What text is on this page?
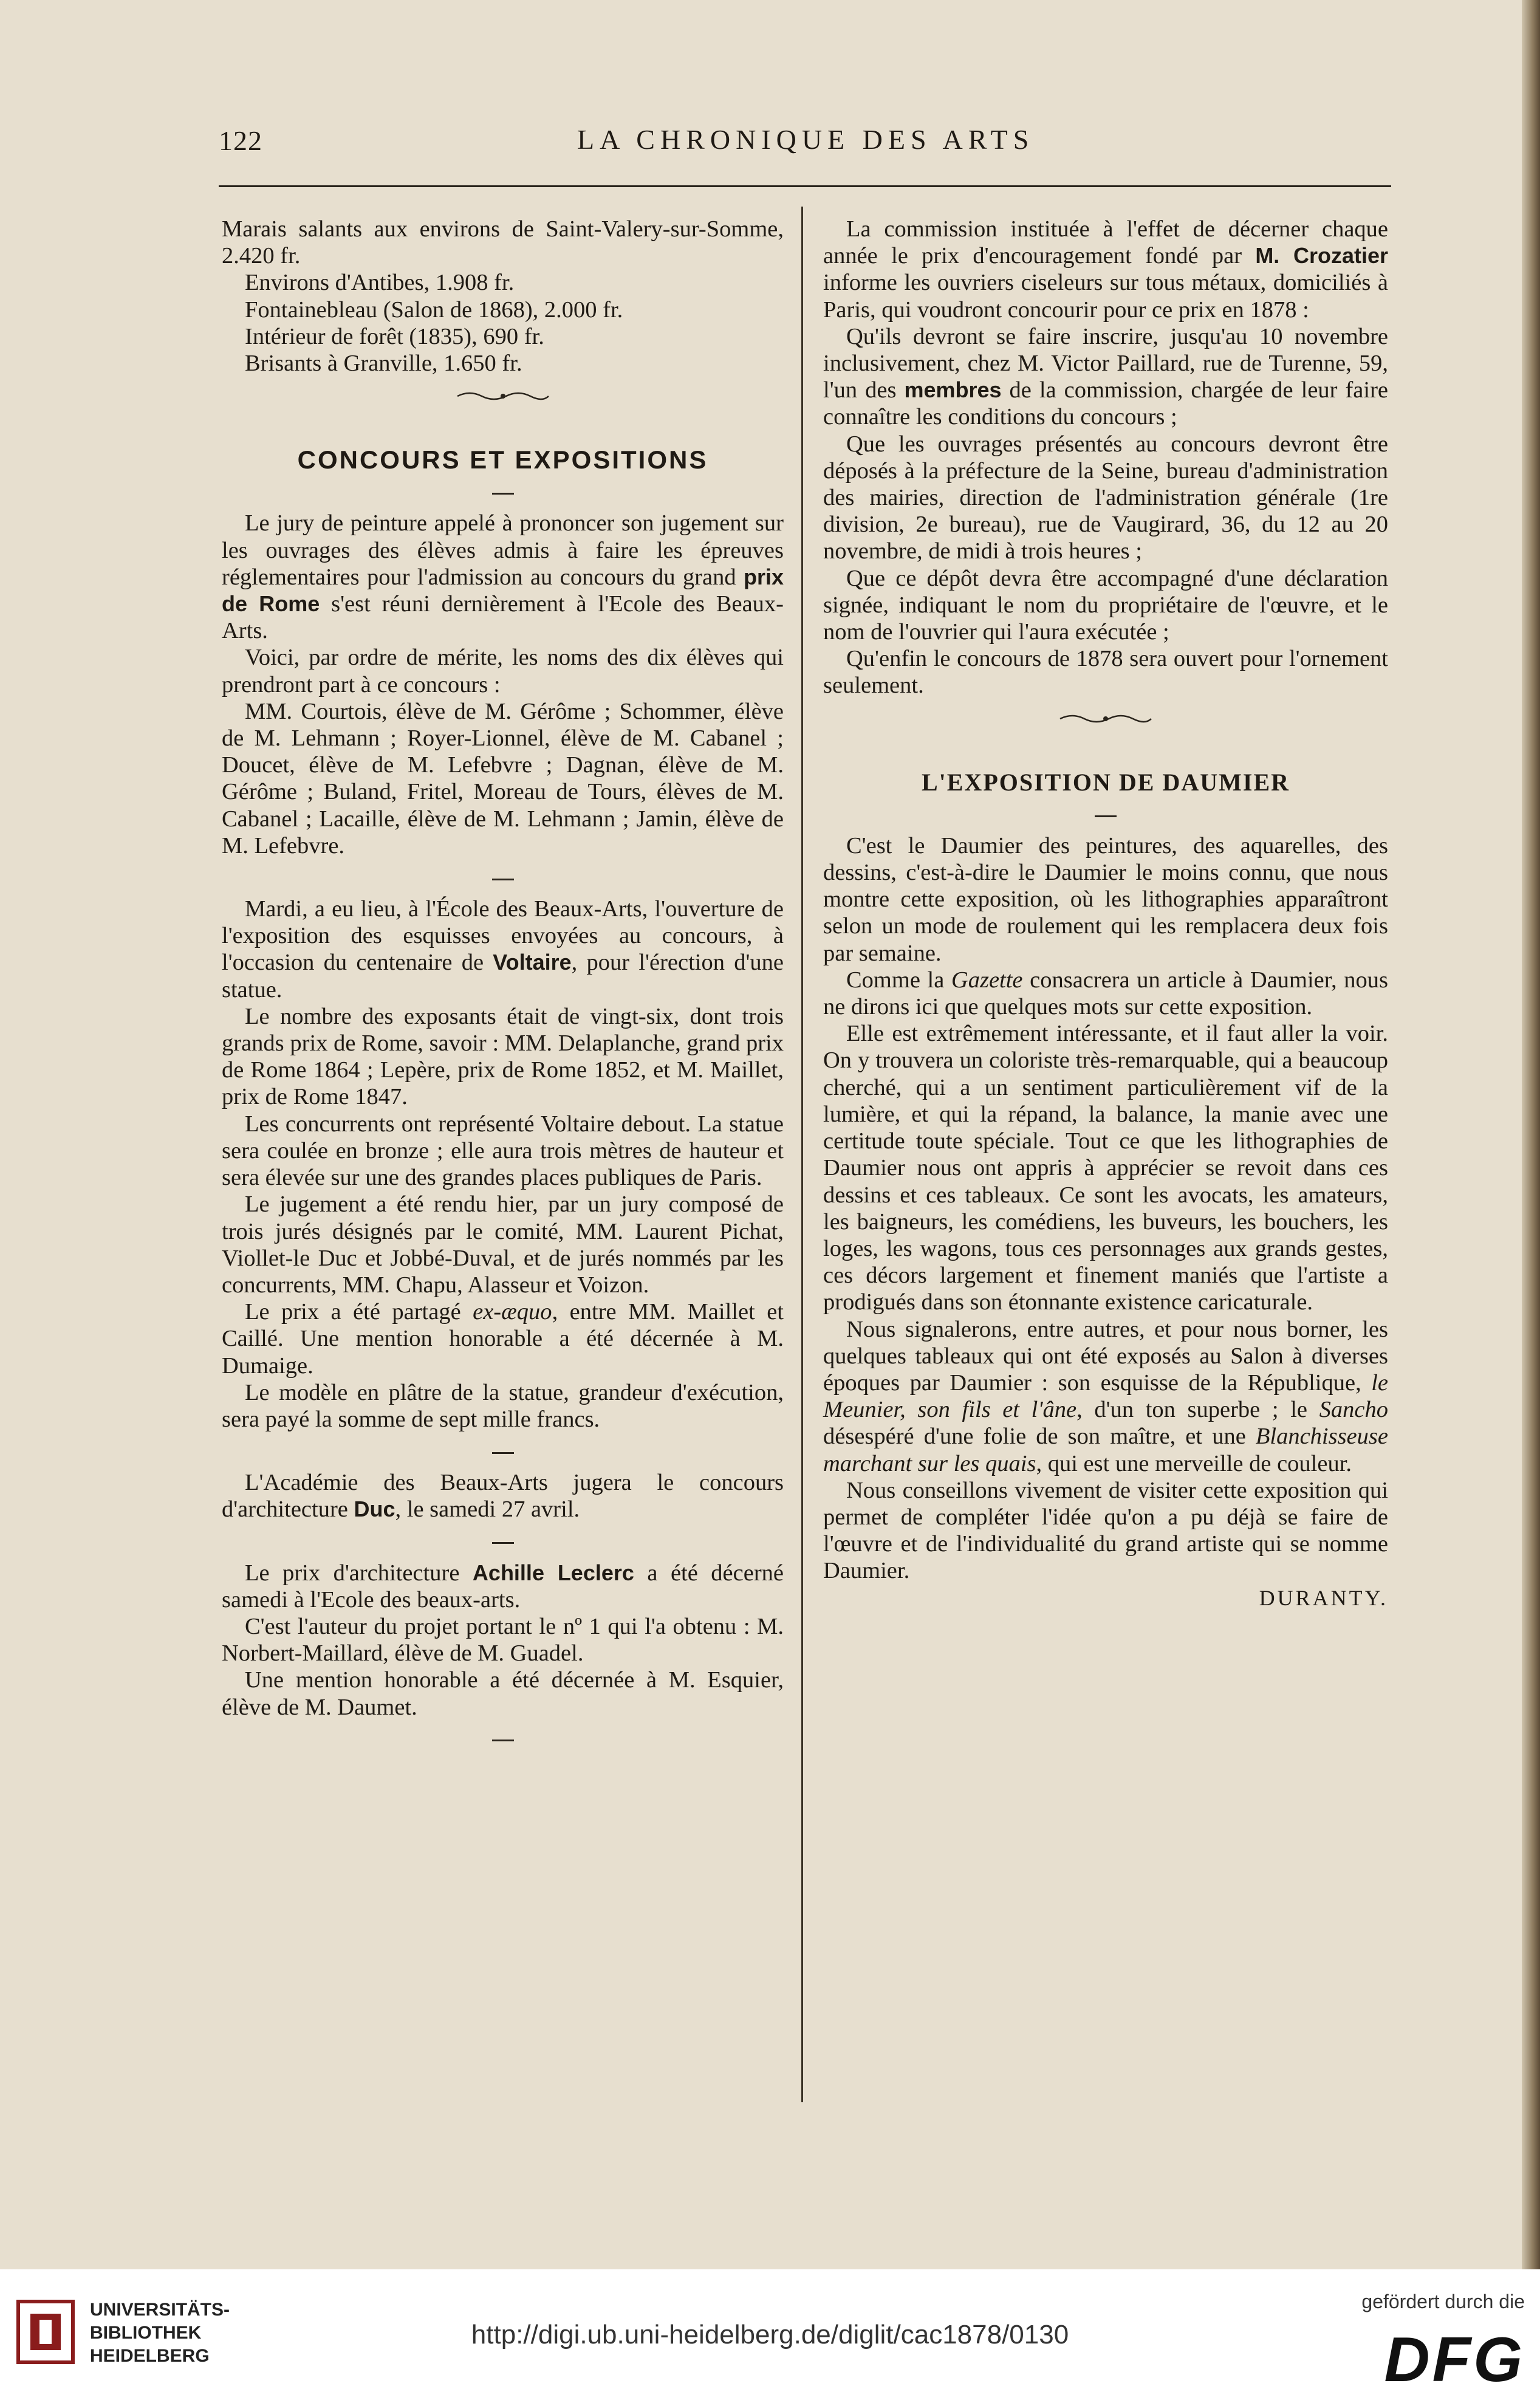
122	LA CHRONIQUE DES ARTS

Marais salants aux environs de Saint-Valery-sur-Somme, 2.420 fr.

Environs d'Antibes, 1.908 fr.

Fontainebleau (Salon de 1868), 2.000 fr.

Intérieur de forêt (1835), 690 fr.

Brisants à Granville, 1.650 fr.

CONCOURS ET EXPOSITIONS

Le jury de peinture appelé à prononcer son jugement sur les ouvrages des élèves admis à faire les épreuves réglementaires pour l'admission au concours du grand prix de Rome s'est réuni dernièrement à l'Ecole des Beaux-Arts.

Voici, par ordre de mérite, les noms des dix élèves qui prendront part à ce concours :

MM. Courtois, élève de M. Gérôme ; Schommer, élève de M. Lehmann ; Royer-Lionnel, élève de M. Cabanel ; Doucet, élève de M. Lefebvre ; Dagnan, élève de M. Gérôme ; Buland, Fritel, Moreau de Tours, élèves de M. Cabanel ; Lacaille, élève de M. Lehmann ; Jamin, élève de M. Lefebvre.

Mardi, a eu lieu, à l'École des Beaux-Arts, l'ouverture de l'exposition des esquisses envoyées au concours, à l'occasion du centenaire de Voltaire, pour l'érection d'une statue.

Le nombre des exposants était de vingt-six, dont trois grands prix de Rome, savoir : MM. Delaplanche, grand prix de Rome 1864 ; Lepère, prix de Rome 1852, et M. Maillet, prix de Rome 1847.

Les concurrents ont représenté Voltaire debout. La statue sera coulée en bronze ; elle aura trois mètres de hauteur et sera élevée sur une des grandes places publiques de Paris.

Le jugement a été rendu hier, par un jury composé de trois jurés désignés par le comité, MM. Laurent Pichat, Viollet-le Duc et Jobbé-Duval, et de jurés nommés par les concurrents, MM. Chapu, Alasseur et Voizon.

Le prix a été partagé ex-æquo, entre MM. Maillet et Caillé. Une mention honorable a été décernée à M. Dumaige.

Le modèle en plâtre de la statue, grandeur d'exécution, sera payé la somme de sept mille francs.

L'Académie des Beaux-Arts jugera le concours d'architecture Duc, le samedi 27 avril.

Le prix d'architecture Achille Leclerc a été décerné samedi à l'Ecole des beaux-arts.

C'est l'auteur du projet portant le nº 1 qui l'a obtenu : M. Norbert-Maillard, élève de M. Guadel.

Une mention honorable a été décernée à M. Esquier, élève de M. Daumet.

La commission instituée à l'effet de décerner chaque année le prix d'encouragement fondé par M. Crozatier informe les ouvriers ciseleurs sur tous métaux, domiciliés à Paris, qui voudront concourir pour ce prix en 1878 :

Qu'ils devront se faire inscrire, jusqu'au 10 novembre inclusivement, chez M. Victor Paillard, rue de Turenne, 59, l'un des membres de la commission, chargée de leur faire connaître les conditions du concours ;

Que les ouvrages présentés au concours devront être déposés à la préfecture de la Seine, bureau d'administration des mairies, direction de l'administration générale (1re division, 2e bureau), rue de Vaugirard, 36, du 12 au 20 novembre, de midi à trois heures ;

Que ce dépôt devra être accompagné d'une déclaration signée, indiquant le nom du propriétaire de l'œuvre, et le nom de l'ouvrier qui l'aura exécutée ;

Qu'enfin le concours de 1878 sera ouvert pour l'ornement seulement.

L'EXPOSITION DE DAUMIER

C'est le Daumier des peintures, des aquarelles, des dessins, c'est-à-dire le Daumier le moins connu, que nous montre cette exposition, où les lithographies apparaîtront selon un mode de roulement qui les remplacera deux fois par semaine.

Comme la Gazette consacrera un article à Daumier, nous ne dirons ici que quelques mots sur cette exposition.

Elle est extrêmement intéressante, et il faut aller la voir. On y trouvera un coloriste très-remarquable, qui a beaucoup cherché, qui a un sentiment particulièrement vif de la lumière, et qui la répand, la balance, la manie avec une certitude toute spéciale. Tout ce que les lithographies de Daumier nous ont appris à apprécier se revoit dans ces dessins et ces tableaux. Ce sont les avocats, les amateurs, les baigneurs, les comédiens, les buveurs, les bouchers, les loges, les wagons, tous ces personnages aux grands gestes, ces décors largement et finement maniés que l'artiste a prodigués dans son étonnante existence caricaturale.

Nous signalerons, entre autres, et pour nous borner, les quelques tableaux qui ont été exposés au Salon à diverses époques par Daumier : son esquisse de la République, le Meunier, son fils et l'âne, d'un ton superbe ; le Sancho désespéré d'une folie de son maître, et une Blanchisseuse marchant sur les quais, qui est une merveille de couleur.

Nous conseillons vivement de visiter cette exposition qui permet de compléter l'idée qu'on a pu déjà se faire de l'œuvre et de l'individualité du grand artiste qui se nomme Daumier.

DURANTY.

UNIVERSITÄTS-
BIBLIOTHEK
HEIDELBERG
http://digi.ub.uni-heidelberg.de/diglit/cac1878/0130
gefördert durch die
DFG
